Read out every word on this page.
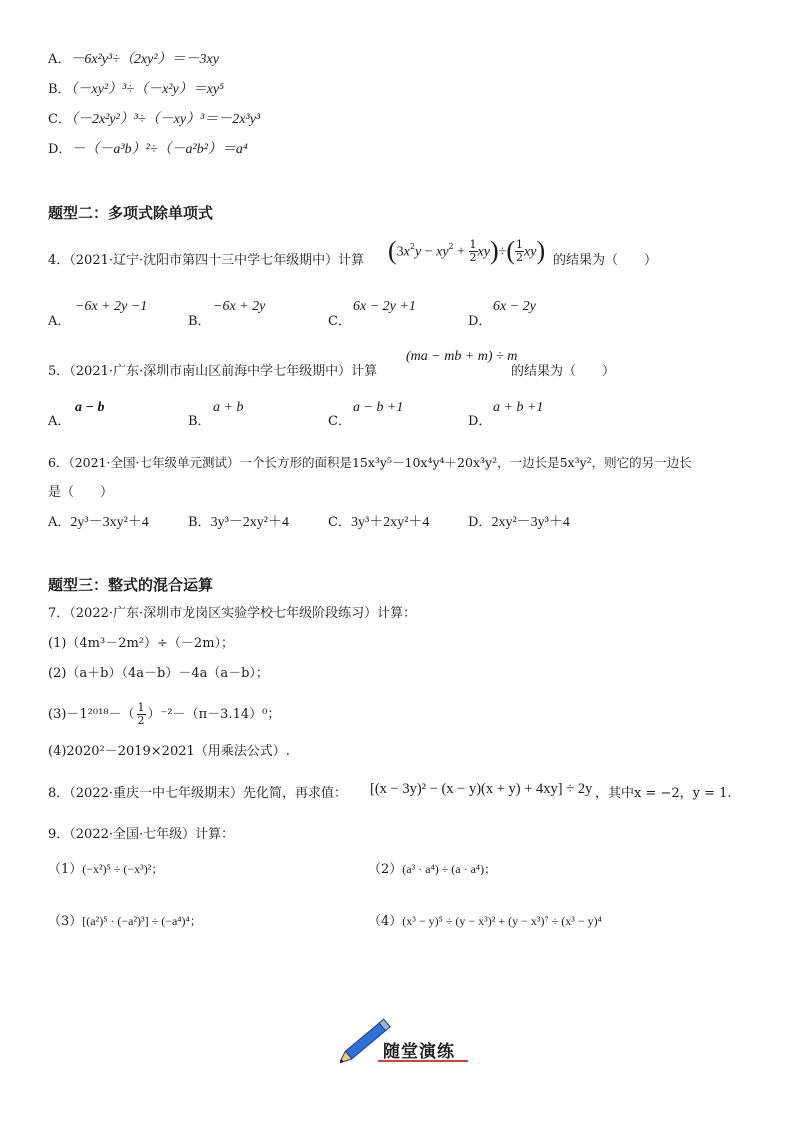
A．－6x²y³÷（2xy²）＝－3xy
B．（－xy²）³÷（－x²y）＝xy⁵
C．（－2x²y²）³÷（－xy）³＝－2x³y³
D．－（－a³b）²÷（－a²b²）＝a⁴
题型二：多项式除单项式
4．（2021·辽宁·沈阳市第四十三中学七年级期中）计算 $(3x^2y - xy^2 + \frac{1}{2} xy)\div( \frac{1}{2} xy)$ 的结果为（　　）
A．
−6x + 2y −1
B．
−6x + 2y
C．
6x − 2y +1
D．
6x − 2y
5．（2021·广东·深圳市南山区前海中学七年级期中）计算
(ma − mb + m) ÷ m
的结果为（　　）
A．
a − b
B．
a + b
C．
a − b +1
D．
a + b +1
6．（2021·全国·七年级单元测试）一个长方形的面积是15x³y⁵－10x⁴y⁴＋20x³y²，一边长是5x³y²，则它的另一边长
是（　　）
A．2y³－3xy²＋4	B．3y³－2xy²＋4	C．3y³＋2xy²＋4	D．2xy²－3y³＋4
题型三：整式的混合运算
7．（2022·广东·深圳市龙岗区实验学校七年级阶段练习）计算：
(1)（4m³－2m²）÷（－2m）；
(2)（a＋b）（4a－b）－4a（a－b）；
$(3)-1^{2018}-( \frac{1}{2} )^{-2}-(\pi-3.14)^0$；
(4)2020²－2019×2021（用乘法公式）.
8．（2022·重庆一中七年级期末）先化简，再求值： [(x − 3y)² − (x − y)(x + y) + 4xy] ÷ 2y ，其中x = −2，y = 1.
9．（2022·全国·七年级）计算：
（1）(−x²)⁵ ÷ (−x³)²；	（2）(a³ · a⁴) ÷ (a · a⁴)；
（3）[(a²)⁵ · (−a²)³] ÷ (−a⁴)⁴；	（4）(x³ − y)⁵ ÷ (y − x³)² + (y − x³)⁷ ÷ (x³ − y)⁴
随堂演练
